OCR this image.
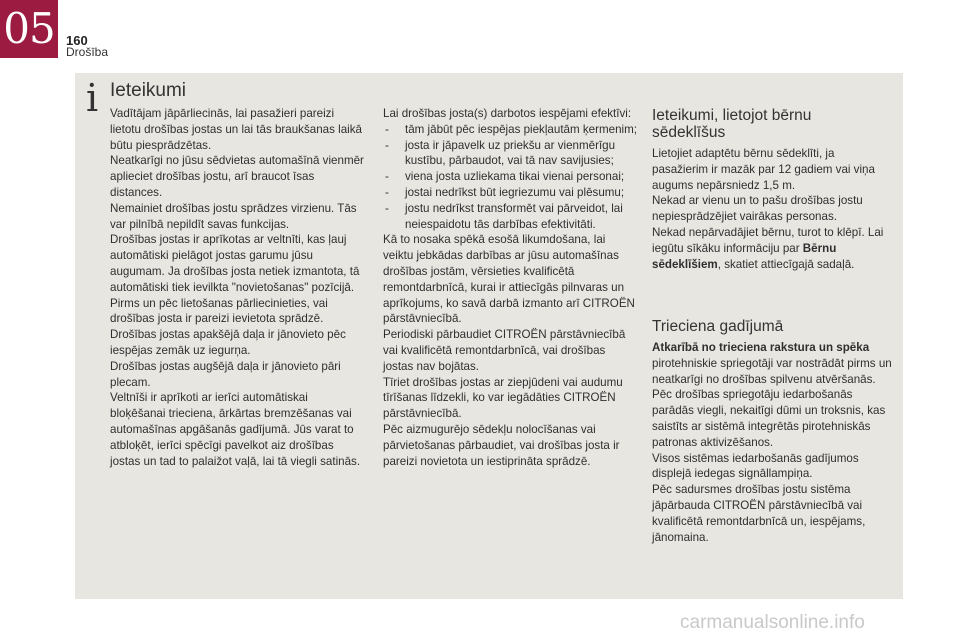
05 160
Drošība
i Ieteikumi

Vadītājam jāpārliecinās, lai pasažieri pareizi lietotu drošības jostas un lai tās braukšanas laikā būtu piesprādzētas.

Neatkarīgi no jūsu sēdvietas automašīnā vienmēr aplieciet drošības jostu, arī braucot īsas distances.

Nemainiet drošības jostu sprādzes virzienu. Tās var pilnībā nepildīt savas funkcijas.

Drošības jostas ir aprīkotas ar veltnīti, kas ļauj automātiski pielāgot jostas garumu jūsu augumam. Ja drošības josta netiek izmantota, tā automātiski tiek ievilkta "novietošanas" pozīcijā.

Pirms un pēc lietošanas pārliecinieties, vai drošības josta ir pareizi ievietota sprādzē.

Drošības jostas apakšējā daļa ir jānovieto pēc iespējas zemāk uz iegurņa.

Drošības jostas augšējā daļa ir jānovieto pāri plecam.

Veltnīši ir aprīkoti ar ierīci automātiskai bloķēšanai trieciena, ārkārtas bremzēšanas vai automašīnas apgāšanās gadījumā. Jūs varat to atbloķēt, ierīci spēcīgi pavelkot aiz drošības jostas un tad to palaižot vaļā, lai tā viegli satinās.

Lai drošības josta(s) darbotos iespējami efektīvi:

- tām jābūt pēc iespējas piekļautām ķermenim;
- josta ir jāpavelk uz priekšu ar vienmērīgu kustību, pārbaudot, vai tā nav savijusies;
- viena josta uzliekama tikai vienai personai;
- jostai nedrīkst būt iegriezumu vai plēsumu;
- jostu nedrīkst transformēt vai pārveidot, lai neiespaidotu tās darbības efektivitāti.

Kā to nosaka spēkā esošā likumdošana, lai veiktu jebkādas darbības ar jūsu automašīnas drošības jostām, vērsieties kvalificētā remontdarbnīcā, kurai ir attiecīgās pilnvaras un aprīkojums, ko savā darbā izmanto arī CITROËN pārstāvniecībā.

Periodiski pārbaudiet CITROËN pārstāvniecībā vai kvalificētā remontdarbnīcā, vai drošības jostas nav bojātas.

Tīriet drošības jostas ar ziepjūdeni vai audumu tīrīšanas līdzekli, ko var iegādāties CITROËN pārstāvniecībā.

Pēc aizmugurējo sēdekļu nolocīšanas vai pārvietošanas pārbaudiet, vai drošības josta ir pareizi novietota un iestiprināta sprādzē.

Ieteikumi, lietojot bērnu sēdeklīšus

Lietojiet adaptētu bērnu sēdeklīti, ja pasažierim ir mazāk par 12 gadiem vai viņa augums nepārsniedz 1,5 m.

Nekad ar vienu un to pašu drošības jostu nepiesprādzējiet vairākas personas.

Nekad nepārvadājiet bērnu, turot to klēpī. Lai iegūtu sīkāku informāciju par Bērnu sēdeklīšiem, skatiet attiecīgajā sadaļā.

Trieciena gadījumā

Atkarībā no trieciena rakstura un spēka pirotehniskie spriegotāji var nostrādāt pirms un neatkarīgi no drošības spilvenu atvēršanās. Pēc drošības spriegotāju iedarbošanās parādās viegli, nekaitīgi dūmi un troksnis, kas saistīts ar sistēmā integrētās pirotehniskās patronas aktivizēšanos.

Visos sistēmas iedarbošanās gadījumos displejā iedegas signāllampiņa.

Pēc sadursmes drošības jostu sistēma jāpārbauda CITROËN pārstāvniecībā vai kvalificētā remontdarbnīcā un, iespējams, jānomaina.

carmanualsonline.info
